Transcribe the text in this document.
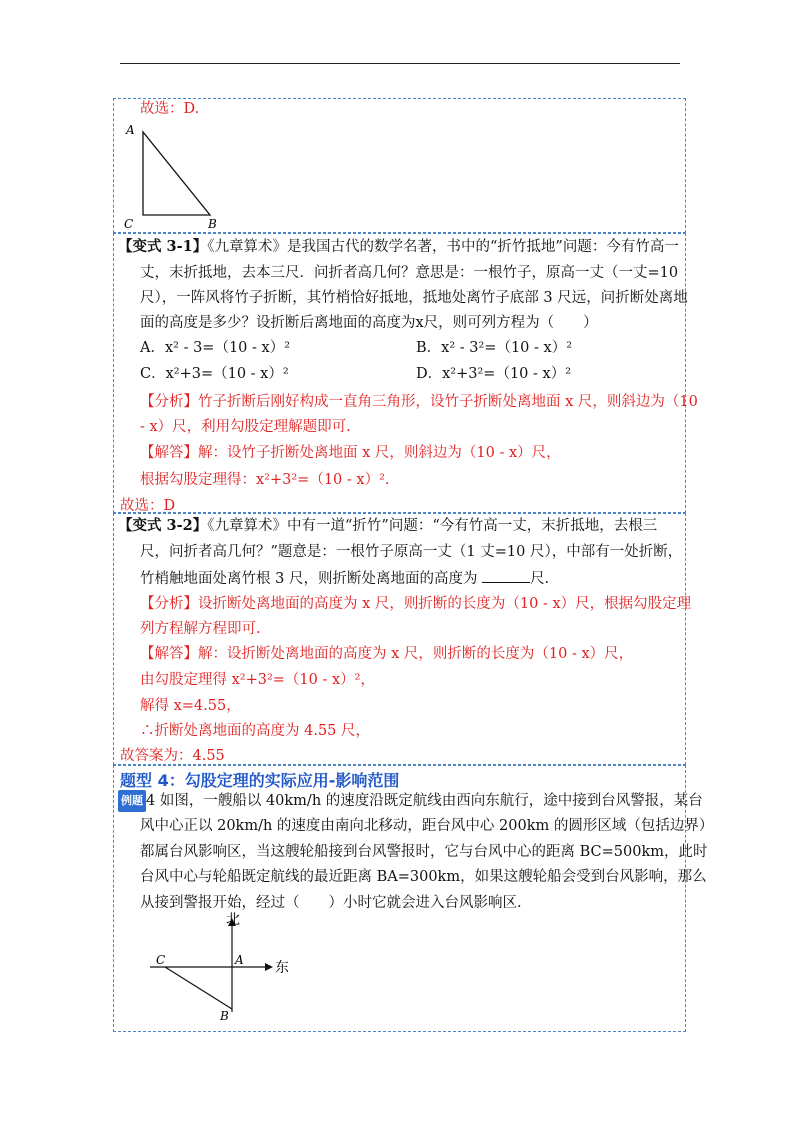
故选：D.
A
C	B
【变式 3-1】《九章算术》是我国古代的数学名著，书中的“折竹抵地”问题：今有竹高一
丈，末折抵地，去本三尺．问折者高几何？意思是：一根竹子，原高一丈（一丈=10
尺），一阵风将竹子折断，其竹梢恰好抵地，抵地处离竹子底部 3 尺远，问折断处离地
面的高度是多少？设折断后离地面的高度为x尺，则可列方程为（　　）
A．x² - 3=（10 - x）²	B．x² - 3²=（10 - x）²
C．x²+3=（10 - x）²	D．x²+3²=（10 - x）²
【分析】竹子折断后刚好构成一直角三角形，设竹子折断处离地面 x 尺，则斜边为（10
- x）尺，利用勾股定理解题即可.
【解答】解：设竹子折断处离地面 x 尺，则斜边为（10 - x）尺，
根据勾股定理得：x²+3²=（10 - x）².
故选：D
【变式 3-2】《九章算术》中有一道“折竹”问题：“今有竹高一丈，末折抵地，去根三
尺，问折者高几何？”题意是：一根竹子原高一丈（1 丈=10 尺），中部有一处折断，
竹梢触地面处离竹根 3 尺，则折断处离地面的高度为	尺.
【分析】设折断处离地面的高度为 x 尺，则折断的长度为（10 - x）尺，根据勾股定理
列方程解方程即可.
【解答】解：设折断处离地面的高度为 x 尺，则折断的长度为（10 - x）尺，
由勾股定理得 x²+3²=（10 - x）²，
解得 x=4.55，
∴折断处离地面的高度为 4.55 尺，
故答案为：4.55
题型 4：勾股定理的实际应用-影响范围
例题 4 如图，一艘船以 40km/h 的速度沿既定航线由西向东航行，途中接到台风警报，某台
风中心正以 20km/h 的速度由南向北移动，距台风中心 200km 的圆形区域（包括边界）
都属台风影响区，当这艘轮船接到台风警报时，它与台风中心的距离 BC=500km，此时
台风中心与轮船既定航线的最近距离 BA=300km，如果这艘轮船会受到台风影响，那么
从接到警报开始，经过（　　）小时它就会进入台风影响区.
北
东
C	A
B
